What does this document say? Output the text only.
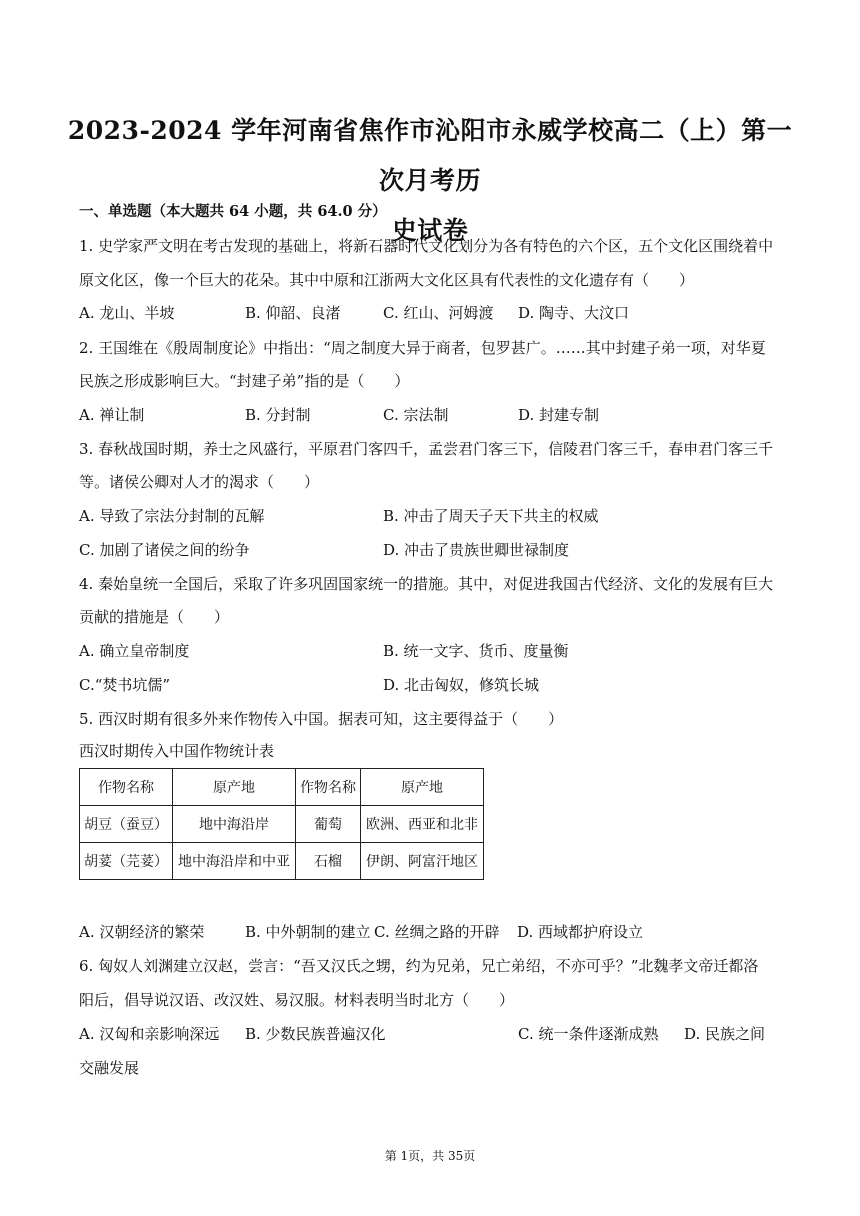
2023-2024 学年河南省焦作市沁阳市永威学校高二（上）第一次月考历
史试卷
一、单选题（本大题共 64 小题，共 64.0 分）
1. 史学家严文明在考古发现的基础上，将新石器时代文化划分为各有特色的六个区，五个文化区围绕着中
原文化区，像一个巨大的花朵。其中中原和江浙两大文化区具有代表性的文化遗存有（　　）
A. 龙山、半坡	B. 仰韶、良渚	C. 红山、河姆渡 D. 陶寺、大汶口
2. 王国维在《殷周制度论》中指出：“周之制度大异于商者，包罗甚广。……其中封建子弟一项，对华夏
民族之形成影响巨大。“封建子弟”指的是（　　）
A. 禅让制	B. 分封制	C. 宗法制	D. 封建专制
3. 春秋战国时期，养士之风盛行，平原君门客四千，孟尝君门客三下，信陵君门客三千，春申君门客三千
等。诸侯公卿对人才的渴求（　　）
A. 导致了宗法分封制的瓦解	B. 冲击了周天子天下共主的权威
C. 加剧了诸侯之间的纷争	D. 冲击了贵族世卿世禄制度
4. 秦始皇统一全国后，采取了许多巩固国家统一的措施。其中，对促进我国古代经济、文化的发展有巨大
贡献的措施是（　　）
A. 确立皇帝制度	B. 统一文字、货币、度量衡
C.“焚书坑儒”	D. 北击匈奴，修筑长城
5. 西汉时期有很多外来作物传入中国。据表可知，这主要得益于（　　）
西汉时期传入中国作物统计表
作物名称	原产地	作物名称	原产地
胡豆（蚕豆）	地中海沿岸	葡萄	欧洲、西亚和北非
胡荽（芫荽）	地中海沿岸和中亚	石榴	伊朗、阿富汗地区
A. 汉朝经济的繁荣	B. 中外朝制的建立 C. 丝绸之路的开辟 D. 西域都护府设立
6. 匈奴人刘渊建立汉赵，尝言：“吾又汉氏之甥，约为兄弟，兄亡弟绍，不亦可乎？”北魏孝文帝迁都洛
阳后，倡导说汉语、改汉姓、易汉服。材料表明当时北方（　　）
A. 汉匈和亲影响深远 B. 少数民族普遍汉化	C. 统一条件逐渐成熟 D. 民族之间
交融发展
第 1页，共 35页
